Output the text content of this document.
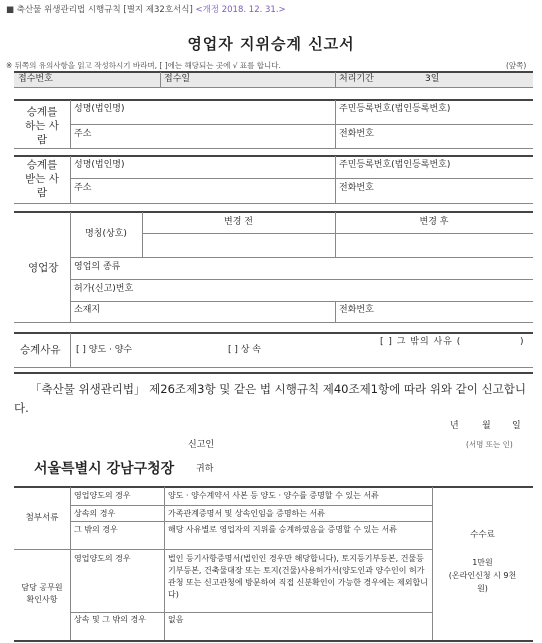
■ 축산물 위생관리법 시행규칙 [별지 제32호서식] <개정 2018. 12. 31.>
영업자 지위승계 신고서
※ 뒤쪽의 유의사항을 읽고 작성하시기 바라며, [ ]에는 해당되는 곳에 √ 표를 합니다.	(앞쪽)
접수번호	접수일	처리기간	3일
승계를
하는 사
람
성명(법인명)	주민등록번호(법인등록번호)
주소	전화번호
승계를
받는 사
람
성명(법인명)	주민등록번호(법인등록번호)
주소	전화번호
영업장
변경 전	변경 후
명칭(상호)
영업의 종류
허가(신고)번호
소재지	전화번호
승계사유 [ ] 양도 · 양수	[ ] 상 속
[ ] 그 밖의 사유 (	)
「축산물 위생관리법」 제26조제3항 및 같은 법 시행규칙 제40조제1항에 따라 위와 같이 신고합니다.
년	월 일
신고인	(서명 또는 인)
서울특별시 강남구청장 귀하
첨부서류
영업양도의 경우	양도 · 양수계약서 사본 등 양도 · 양수를 증명할 수 있는 서류
상속의 경우	가족관계증명서 및 상속인임을 증명하는 서류
그 밖의 경우	해당 사유별로 영업자의 지위를 승계하였음을 증명할 수 있는 서류
담당 공무원
확인사항
영업양도의 경우	법인 등기사항증명서(법인인 경우만 해당합니다), 토지등기부등본, 건물등기부등본, 건축물대장 또는 토지(건물)사용허가서(양도인과 양수인이 허가관청 또는 신고관청에 방문하여 직접 신분확인이 가능한 경우에는 제외합니다)
상속 및 그 밖의 경우	없음
수수료
1만원
(온라인신청 시 9천
원)
